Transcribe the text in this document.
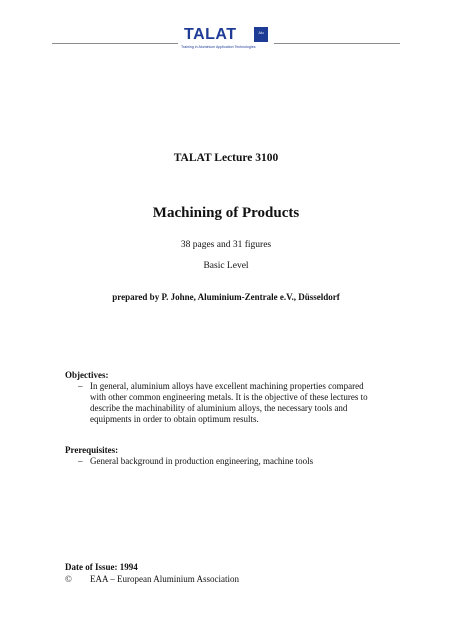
TALAT	Alu
Training in Aluminium Application Technologies
TALAT Lecture 3100
Machining of Products
38 pages and 31 figures
Basic Level
prepared by P. Johne, Aluminium-Zentrale e.V., Düsseldorf
Objectives:
– In general, aluminium alloys have excellent machining properties compared
with other common engineering metals. It is the objective of these lectures to
describe the machinability of aluminium alloys, the necessary tools and
equipments in order to obtain optimum results.
Prerequisites:
– General background in production engineering, machine tools
Date of Issue: 1994
© EAA – European Aluminium Association
